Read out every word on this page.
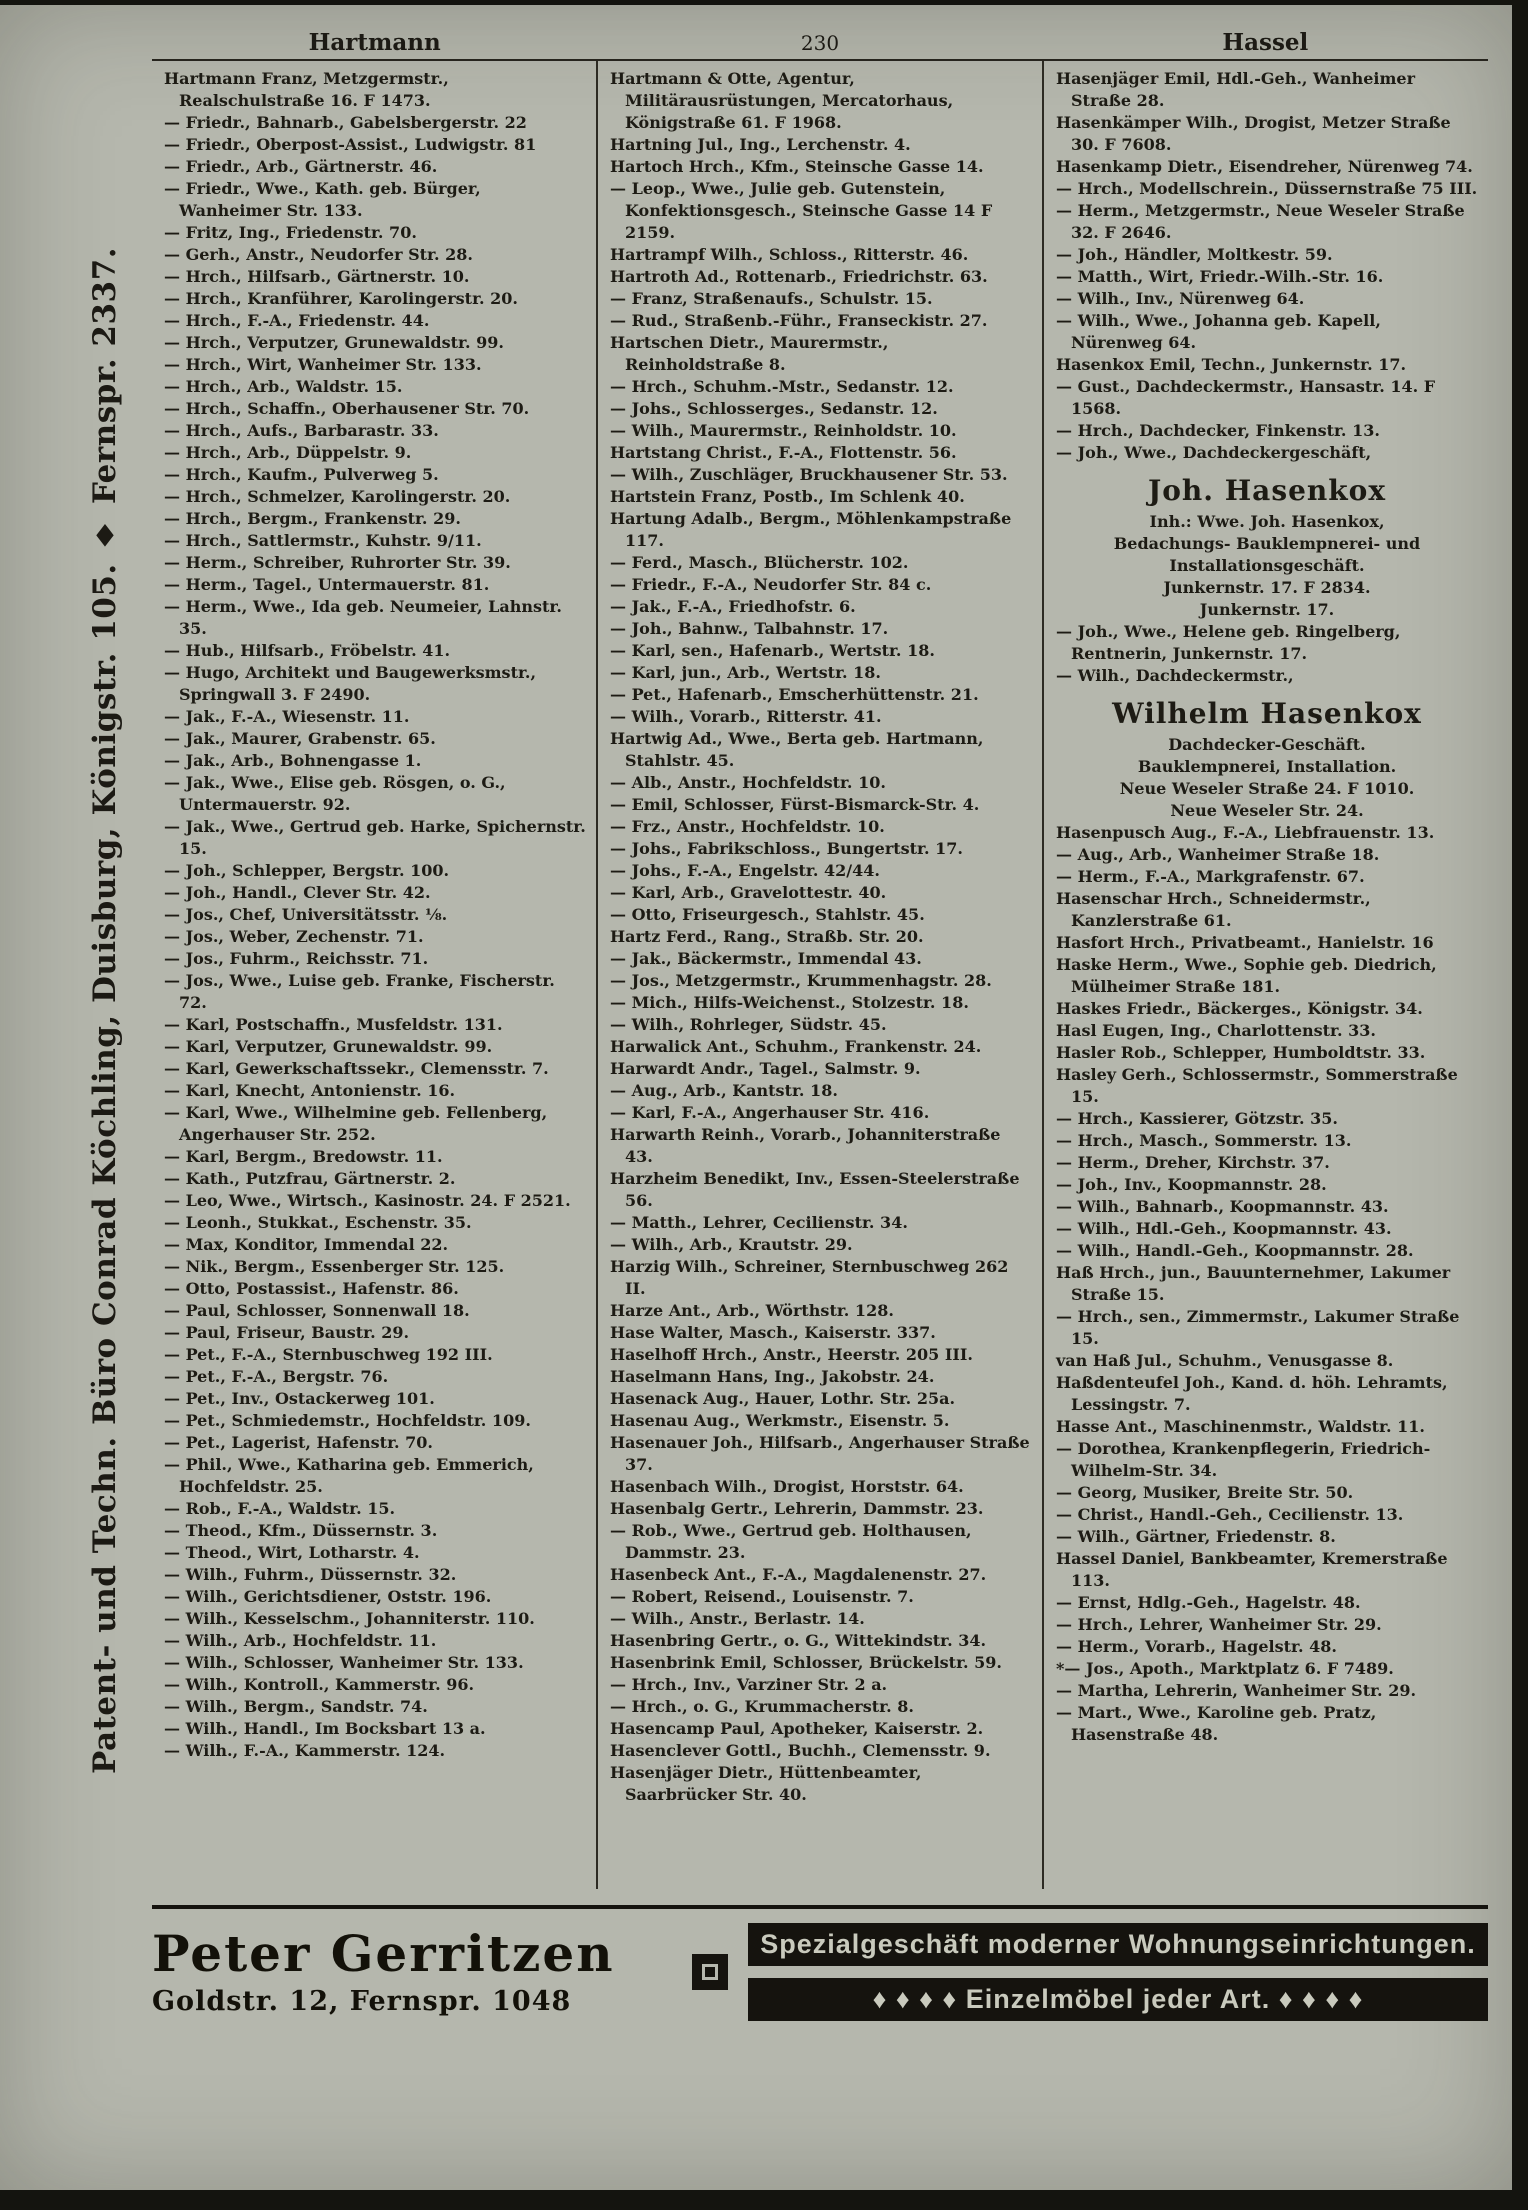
Patent- und Techn. Büro Conrad Köchling, Duisburg, Königstr. 105. ♦ Fernspr. 2337.
Hartmann	230	Hassel

Hartmann Franz, Metzgermstr., Realschulstraße 16. F 1473.

— Friedr., Bahnarb., Gabelsbergerstr. 22

— Friedr., Oberpost-Assist., Ludwigstr. 81

— Friedr., Arb., Gärtnerstr. 46.

— Friedr., Wwe., Kath. geb. Bürger, Wanheimer Str. 133.

— Fritz, Ing., Friedenstr. 70.

— Gerh., Anstr., Neudorfer Str. 28.

— Hrch., Hilfsarb., Gärtnerstr. 10.

— Hrch., Kranführer, Karolingerstr. 20.

— Hrch., F.-A., Friedenstr. 44.

— Hrch., Verputzer, Grunewaldstr. 99.

— Hrch., Wirt, Wanheimer Str. 133.

— Hrch., Arb., Waldstr. 15.

— Hrch., Schaffn., Oberhausener Str. 70.

— Hrch., Aufs., Barbarastr. 33.

— Hrch., Arb., Düppelstr. 9.

— Hrch., Kaufm., Pulverweg 5.

— Hrch., Schmelzer, Karolingerstr. 20.

— Hrch., Bergm., Frankenstr. 29.

— Hrch., Sattlermstr., Kuhstr. 9/11.

— Herm., Schreiber, Ruhrorter Str. 39.

— Herm., Tagel., Untermauerstr. 81.

— Herm., Wwe., Ida geb. Neumeier, Lahnstr. 35.

— Hub., Hilfsarb., Fröbelstr. 41.

— Hugo, Architekt und Baugewerksmstr., Springwall 3. F 2490.

— Jak., F.-A., Wiesenstr. 11.

— Jak., Maurer, Grabenstr. 65.

— Jak., Arb., Bohnengasse 1.

— Jak., Wwe., Elise geb. Rösgen, o. G., Untermauerstr. 92.

— Jak., Wwe., Gertrud geb. Harke, Spichernstr. 15.

— Joh., Schlepper, Bergstr. 100.

— Joh., Handl., Clever Str. 42.

— Jos., Chef, Universitätsstr. ⅛.

— Jos., Weber, Zechenstr. 71.

— Jos., Fuhrm., Reichsstr. 71.

— Jos., Wwe., Luise geb. Franke, Fischerstr. 72.

— Karl, Postschaffn., Musfeldstr. 131.

— Karl, Verputzer, Grunewaldstr. 99.

— Karl, Gewerkschaftssekr., Clemensstr. 7.

— Karl, Knecht, Antonienstr. 16.

— Karl, Wwe., Wilhelmine geb. Fellenberg, Angerhauser Str. 252.

— Karl, Bergm., Bredowstr. 11.

— Kath., Putzfrau, Gärtnerstr. 2.

— Leo, Wwe., Wirtsch., Kasinostr. 24. F 2521.

— Leonh., Stukkat., Eschenstr. 35.

— Max, Konditor, Immendal 22.

— Nik., Bergm., Essenberger Str. 125.

— Otto, Postassist., Hafenstr. 86.

— Paul, Schlosser, Sonnenwall 18.

— Paul, Friseur, Baustr. 29.

— Pet., F.-A., Sternbuschweg 192 III.

— Pet., F.-A., Bergstr. 76.

— Pet., Inv., Ostackerweg 101.

— Pet., Schmiedemstr., Hochfeldstr. 109.

— Pet., Lagerist, Hafenstr. 70.

— Phil., Wwe., Katharina geb. Emmerich, Hochfeldstr. 25.

— Rob., F.-A., Waldstr. 15.

— Theod., Kfm., Düssernstr. 3.

— Theod., Wirt, Lotharstr. 4.

— Wilh., Fuhrm., Düssernstr. 32.

— Wilh., Gerichtsdiener, Oststr. 196.

— Wilh., Kesselschm., Johanniterstr. 110.

— Wilh., Arb., Hochfeldstr. 11.

— Wilh., Schlosser, Wanheimer Str. 133.

— Wilh., Kontroll., Kammerstr. 96.

— Wilh., Bergm., Sandstr. 74.

— Wilh., Handl., Im Bocksbart 13 a.

— Wilh., F.-A., Kammerstr. 124.

Hartmann & Otte, Agentur, Militärausrüstungen, Mercatorhaus, Königstraße 61. F 1968.

Hartning Jul., Ing., Lerchenstr. 4.

Hartoch Hrch., Kfm., Steinsche Gasse 14.

— Leop., Wwe., Julie geb. Gutenstein, Konfektionsgesch., Steinsche Gasse 14 F 2159.

Hartrampf Wilh., Schloss., Ritterstr. 46.

Hartroth Ad., Rottenarb., Friedrichstr. 63.

— Franz, Straßenaufs., Schulstr. 15.

— Rud., Straßenb.-Führ., Franseckistr. 27.

Hartschen Dietr., Maurermstr., Reinholdstraße 8.

— Hrch., Schuhm.-Mstr., Sedanstr. 12.

— Johs., Schlosserges., Sedanstr. 12.

— Wilh., Maurermstr., Reinholdstr. 10.

Hartstang Christ., F.-A., Flottenstr. 56.

— Wilh., Zuschläger, Bruckhausener Str. 53.

Hartstein Franz, Postb., Im Schlenk 40.

Hartung Adalb., Bergm., Möhlenkampstraße 117.

— Ferd., Masch., Blücherstr. 102.

— Friedr., F.-A., Neudorfer Str. 84 c.

— Jak., F.-A., Friedhofstr. 6.

— Joh., Bahnw., Talbahnstr. 17.

— Karl, sen., Hafenarb., Wertstr. 18.

— Karl, jun., Arb., Wertstr. 18.

— Pet., Hafenarb., Emscherhüttenstr. 21.

— Wilh., Vorarb., Ritterstr. 41.

Hartwig Ad., Wwe., Berta geb. Hartmann, Stahlstr. 45.

— Alb., Anstr., Hochfeldstr. 10.

— Emil, Schlosser, Fürst-Bismarck-Str. 4.

— Frz., Anstr., Hochfeldstr. 10.

— Johs., Fabrikschloss., Bungertstr. 17.

— Johs., F.-A., Engelstr. 42/44.

— Karl, Arb., Gravelottestr. 40.

— Otto, Friseurgesch., Stahlstr. 45.

Hartz Ferd., Rang., Straßb. Str. 20.

— Jak., Bäckermstr., Immendal 43.

— Jos., Metzgermstr., Krummenhagstr. 28.

— Mich., Hilfs-Weichenst., Stolzestr. 18.

— Wilh., Rohrleger, Südstr. 45.

Harwalick Ant., Schuhm., Frankenstr. 24.

Harwardt Andr., Tagel., Salmstr. 9.

— Aug., Arb., Kantstr. 18.

— Karl, F.-A., Angerhauser Str. 416.

Harwarth Reinh., Vorarb., Johanniterstraße 43.

Harzheim Benedikt, Inv., Essen-Steelerstraße 56.

— Matth., Lehrer, Cecilienstr. 34.

— Wilh., Arb., Krautstr. 29.

Harzig Wilh., Schreiner, Sternbuschweg 262 II.

Harze Ant., Arb., Wörthstr. 128.

Hase Walter, Masch., Kaiserstr. 337.

Haselhoff Hrch., Anstr., Heerstr. 205 III.

Haselmann Hans, Ing., Jakobstr. 24.

Hasenack Aug., Hauer, Lothr. Str. 25a.

Hasenau Aug., Werkmstr., Eisenstr. 5.

Hasenauer Joh., Hilfsarb., Angerhauser Straße 37.

Hasenbach Wilh., Drogist, Horststr. 64.

Hasenbalg Gertr., Lehrerin, Dammstr. 23.

— Rob., Wwe., Gertrud geb. Holthausen, Dammstr. 23.

Hasenbeck Ant., F.-A., Magdalenenstr. 27.

— Robert, Reisend., Louisenstr. 7.

— Wilh., Anstr., Berlastr. 14.

Hasenbring Gertr., o. G., Wittekindstr. 34.

Hasenbrink Emil, Schlosser, Brückelstr. 59.

— Hrch., Inv., Varziner Str. 2 a.

— Hrch., o. G., Krummacherstr. 8.

Hasencamp Paul, Apotheker, Kaiserstr. 2.

Hasenclever Gottl., Buchh., Clemensstr. 9.

Hasenjäger Dietr., Hüttenbeamter, Saarbrücker Str. 40.

Hasenjäger Emil, Hdl.-Geh., Wanheimer Straße 28.

Hasenkämper Wilh., Drogist, Metzer Straße 30. F 7608.

Hasenkamp Dietr., Eisendreher, Nürenweg 74.

— Hrch., Modellschrein., Düssernstraße 75 III.

— Herm., Metzgermstr., Neue Weseler Straße 32. F 2646.

— Joh., Händler, Moltkestr. 59.

— Matth., Wirt, Friedr.-Wilh.-Str. 16.

— Wilh., Inv., Nürenweg 64.

— Wilh., Wwe., Johanna geb. Kapell, Nürenweg 64.

Hasenkox Emil, Techn., Junkernstr. 17.

— Gust., Dachdeckermstr., Hansastr. 14. F 1568.

— Hrch., Dachdecker, Finkenstr. 13.

— Joh., Wwe., Dachdeckergeschäft,

Joh. Hasenkox

Inh.: Wwe. Joh. Hasenkox,

Bedachungs- Bauklempnerei- und

Installationsgeschäft.

Junkernstr. 17. F 2834.

Junkernstr. 17.

— Joh., Wwe., Helene geb. Ringelberg, Rentnerin, Junkernstr. 17.

— Wilh., Dachdeckermstr.,

Wilhelm Hasenkox

Dachdecker-Geschäft.

Bauklempnerei, Installation.

Neue Weseler Straße 24. F 1010.

Neue Weseler Str. 24.

Hasenpusch Aug., F.-A., Liebfrauenstr. 13.

— Aug., Arb., Wanheimer Straße 18.

— Herm., F.-A., Markgrafenstr. 67.

Hasenschar Hrch., Schneidermstr., Kanzlerstraße 61.

Hasfort Hrch., Privatbeamt., Hanielstr. 16

Haske Herm., Wwe., Sophie geb. Diedrich, Mülheimer Straße 181.

Haskes Friedr., Bäckerges., Königstr. 34.

Hasl Eugen, Ing., Charlottenstr. 33.

Hasler Rob., Schlepper, Humboldtstr. 33.

Hasley Gerh., Schlossermstr., Sommerstraße 15.

— Hrch., Kassierer, Götzstr. 35.

— Hrch., Masch., Sommerstr. 13.

— Herm., Dreher, Kirchstr. 37.

— Joh., Inv., Koopmannstr. 28.

— Wilh., Bahnarb., Koopmannstr. 43.

— Wilh., Hdl.-Geh., Koopmannstr. 43.

— Wilh., Handl.-Geh., Koopmannstr. 28.

Haß Hrch., jun., Bauunternehmer, Lakumer Straße 15.

— Hrch., sen., Zimmermstr., Lakumer Straße 15.

van Haß Jul., Schuhm., Venusgasse 8.

Haßdenteufel Joh., Kand. d. höh. Lehramts, Lessingstr. 7.

Hasse Ant., Maschinenmstr., Waldstr. 11.

— Dorothea, Krankenpflegerin, Friedrich-Wilhelm-Str. 34.

— Georg, Musiker, Breite Str. 50.

— Christ., Handl.-Geh., Cecilienstr. 13.

— Wilh., Gärtner, Friedenstr. 8.

Hassel Daniel, Bankbeamter, Kremerstraße 113.

— Ernst, Hdlg.-Geh., Hagelstr. 48.

— Hrch., Lehrer, Wanheimer Str. 29.

— Herm., Vorarb., Hagelstr. 48.

*— Jos., Apoth., Marktplatz 6. F 7489.

— Martha, Lehrerin, Wanheimer Str. 29.

— Mart., Wwe., Karoline geb. Pratz, Hasenstraße 48.

Peter Gerritzen
Goldstr. 12, Fernspr. 1048
Spezialgeschäft moderner Wohnungseinrichtungen.
♦ ♦ ♦ ♦ Einzelmöbel jeder Art. ♦ ♦ ♦ ♦
